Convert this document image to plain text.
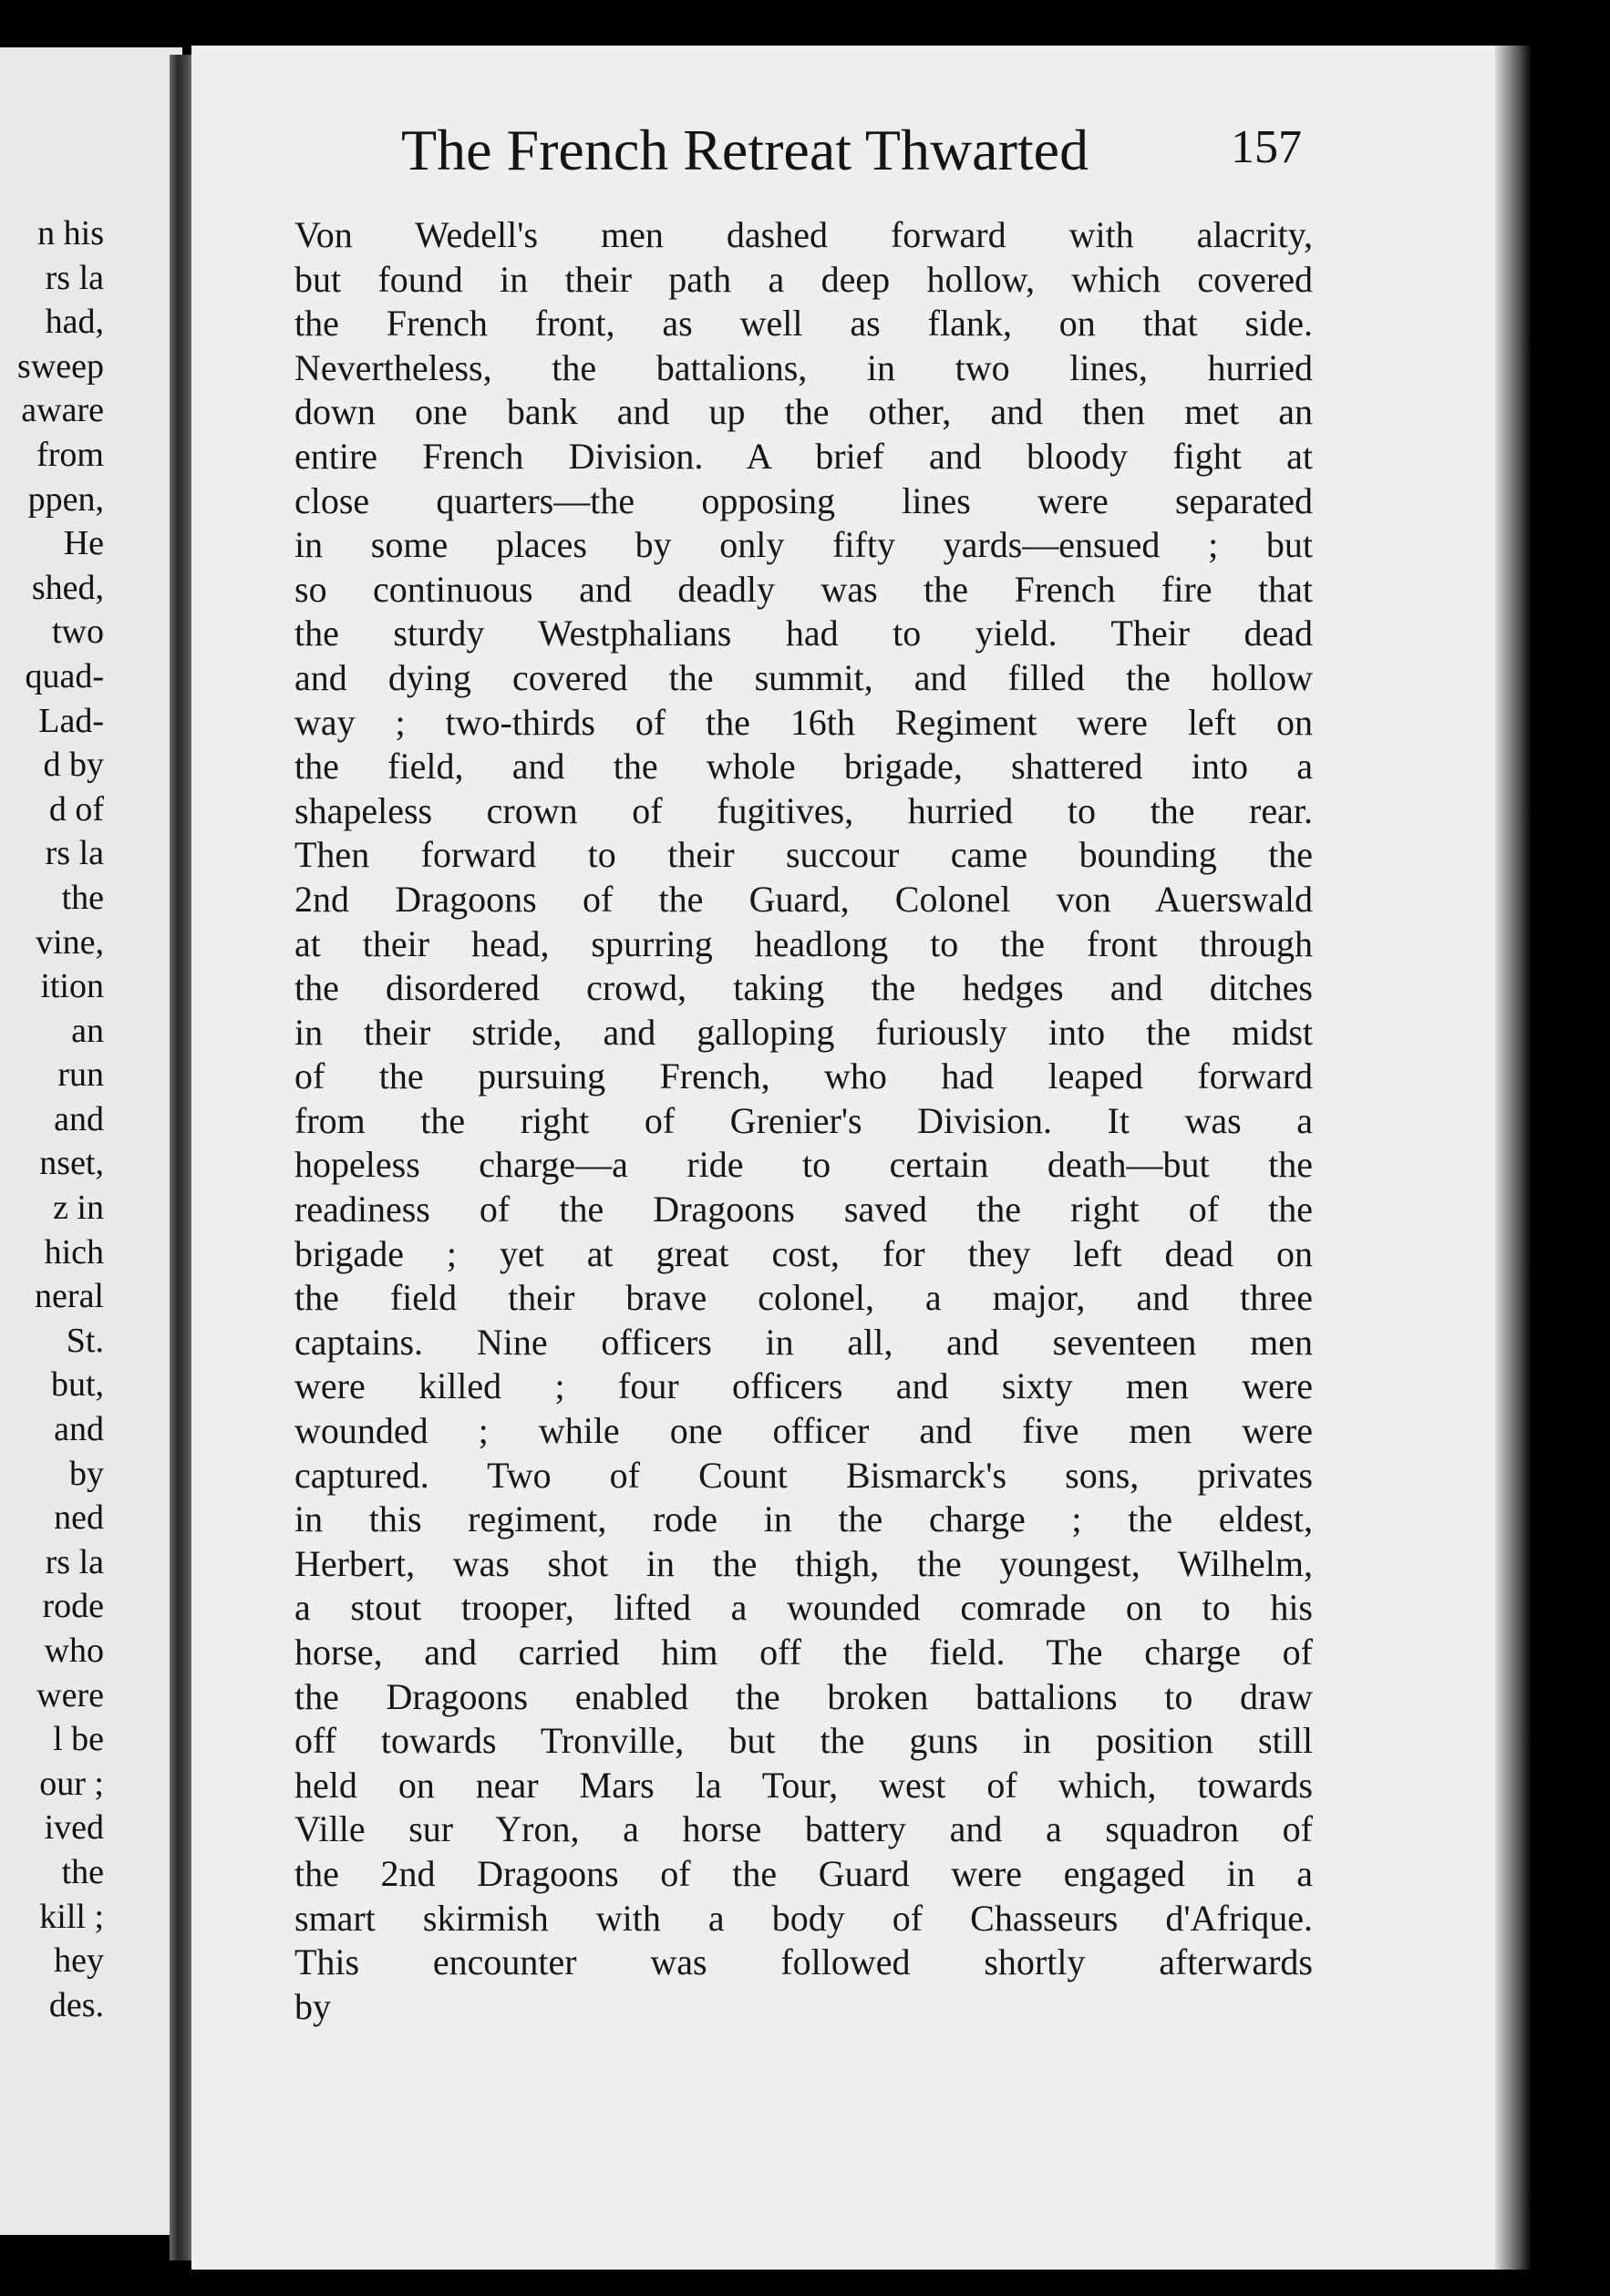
n his
rs la
had,
sweep
aware
from
ppen,
He
shed,
two
quad-
Lad-
d by
d of
rs la
the
vine,
ition
an
run
and
nset,
z in
hich
neral
St.
but,
and
by
ned
rs la
rode
who
were
l be
our ;
ived
the
kill ;
hey
des.
The French Retreat Thwarted	157
Von Wedell's men dashed forward with alacrity,
but found in their path a deep hollow, which covered
the French front, as well as flank, on that side.
Nevertheless, the battalions, in two lines, hurried
down one bank and up the other, and then met an
entire French Division. A brief and bloody fight at
close quarters—the opposing lines were separated
in some places by only fifty yards—ensued ; but
so continuous and deadly was the French fire that
the sturdy Westphalians had to yield. Their dead
and dying covered the summit, and filled the hollow
way ; two-thirds of the 16th Regiment were left on
the field, and the whole brigade, shattered into a
shapeless crown of fugitives, hurried to the rear.
Then forward to their succour came bounding the
2nd Dragoons of the Guard, Colonel von Auerswald
at their head, spurring headlong to the front through
the disordered crowd, taking the hedges and ditches
in their stride, and galloping furiously into the midst
of the pursuing French, who had leaped forward
from the right of Grenier's Division. It was a
hopeless charge—a ride to certain death—but the
readiness of the Dragoons saved the right of the
brigade ; yet at great cost, for they left dead on
the field their brave colonel, a major, and three
captains. Nine officers in all, and seventeen men
were killed ; four officers and sixty men were
wounded ; while one officer and five men were
captured. Two of Count Bismarck's sons, privates
in this regiment, rode in the charge ; the eldest,
Herbert, was shot in the thigh, the youngest, Wilhelm,
a stout trooper, lifted a wounded comrade on to his
horse, and carried him off the field. The charge of
the Dragoons enabled the broken battalions to draw
off towards Tronville, but the guns in position still
held on near Mars la Tour, west of which, towards
Ville sur Yron, a horse battery and a squadron of
the 2nd Dragoons of the Guard were engaged in a
smart skirmish with a body of Chasseurs d'Afrique.
This encounter was followed shortly afterwards
by
